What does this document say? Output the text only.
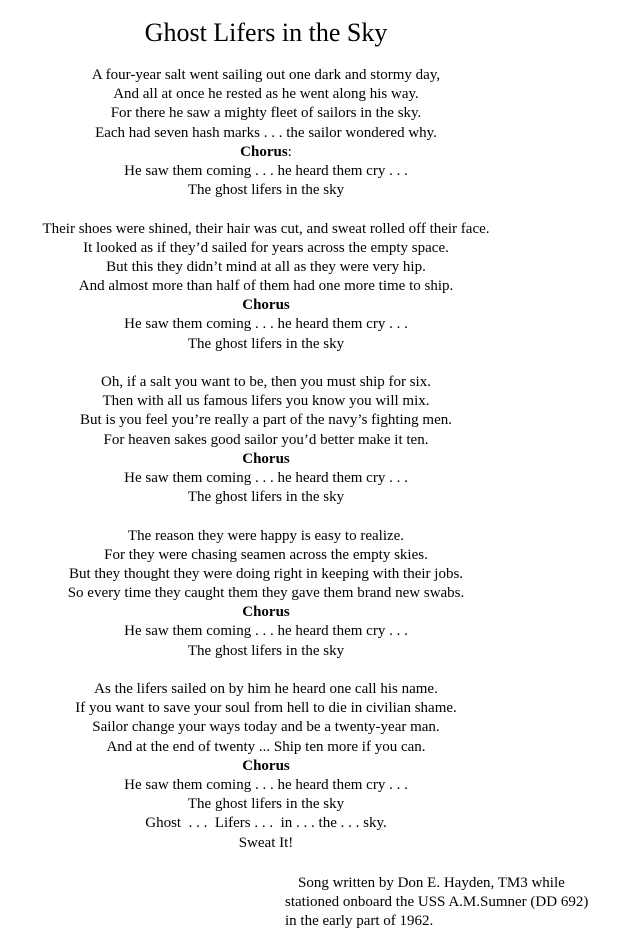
Ghost Lifers in the Sky
A four-year salt went sailing out one dark and stormy day,
And all at once he rested as he went along his way.
For there he saw a mighty fleet of sailors in the sky.
Each had seven hash marks . . . the sailor wondered why.
Chorus:
He saw them coming . . . he heard them cry . . .
The ghost lifers in the sky
Their shoes were shined, their hair was cut, and sweat rolled off their face.
It looked as if they’d sailed for years across the empty space.
But this they didn’t mind at all as they were very hip.
And almost more than half of them had one more time to ship.
Chorus
He saw them coming . . . he heard them cry . . .
The ghost lifers in the sky
Oh, if a salt you want to be, then you must ship for six.
Then with all us famous lifers you know you will mix.
But is you feel you’re really a part of the navy’s fighting men.
For heaven sakes good sailor you’d better make it ten.
Chorus
He saw them coming . . . he heard them cry . . .
The ghost lifers in the sky
The reason they were happy is easy to realize.
For they were chasing seamen across the empty skies.
But they thought they were doing right in keeping with their jobs.
So every time they caught them they gave them brand new swabs.
Chorus
He saw them coming . . . he heard them cry . . .
The ghost lifers in the sky
As the lifers sailed on by him he heard one call his name.
If you want to save your soul from hell to die in civilian shame.
Sailor change your ways today and be a twenty-year man.
And at the end of twenty ... Ship ten more if you can.
Chorus
He saw them coming . . . he heard them cry . . .
The ghost lifers in the sky
Ghost  . . .  Lifers . . .  in . . . the . . . sky.
Sweat It!
Song written by Don E. Hayden, TM3 while
stationed onboard the USS A.M.Sumner (DD 692)
in the early part of 1962.
